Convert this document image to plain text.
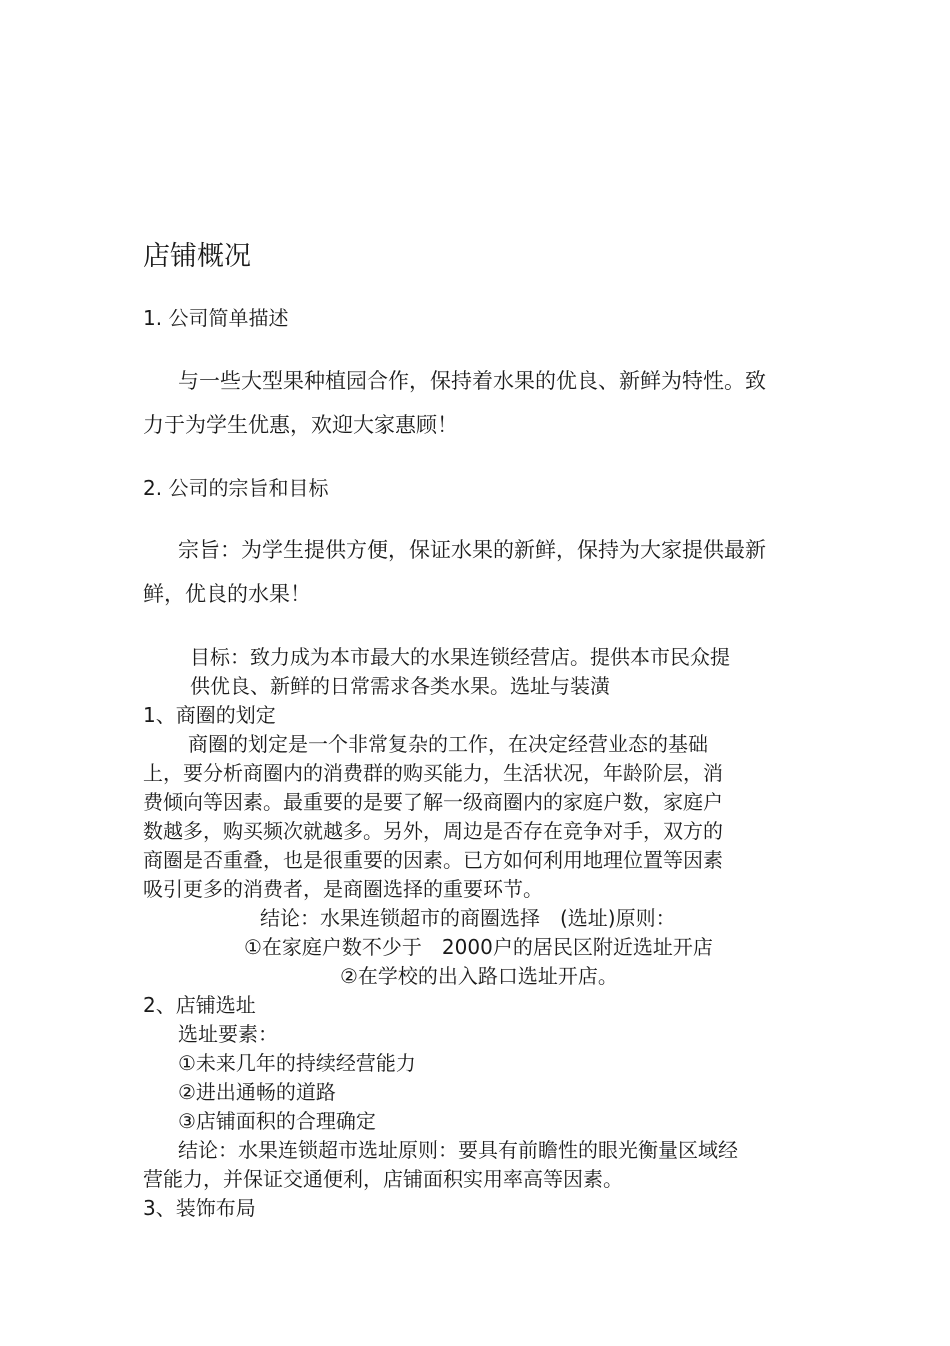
店铺概况
1. 公司简单描述
与一些大型果种植园合作，保持着水果的优良、新鲜为特性。致
力于为学生优惠，欢迎大家惠顾！
2. 公司的宗旨和目标
宗旨：为学生提供方便，保证水果的新鲜，保持为大家提供最新
鲜，优良的水果！
目标：致力成为本市最大的水果连锁经营店。提供本市民众提
供优良、新鲜的日常需求各类水果。选址与装潢
1、商圈的划定
商圈的划定是一个非常复杂的工作，在决定经营业态的基础
上，要分析商圈内的消费群的购买能力，生活状况，年龄阶层，消
费倾向等因素。最重要的是要了解一级商圈内的家庭户数，家庭户
数越多，购买频次就越多。另外，周边是否存在竞争对手，双方的
商圈是否重叠，也是很重要的因素。已方如何利用地理位置等因素
吸引更多的消费者，是商圈选择的重要环节。
结论：水果连锁超市的商圈选择　(选址)原则：
①在家庭户数不少于　2000户的居民区附近选址开店
②在学校的出入路口选址开店。
2、店铺选址
选址要素：
①未来几年的持续经营能力
②进出通畅的道路
③店铺面积的合理确定
结论：水果连锁超市选址原则：要具有前瞻性的眼光衡量区域经
营能力，并保证交通便利，店铺面积实用率高等因素。
3、装饰布局
